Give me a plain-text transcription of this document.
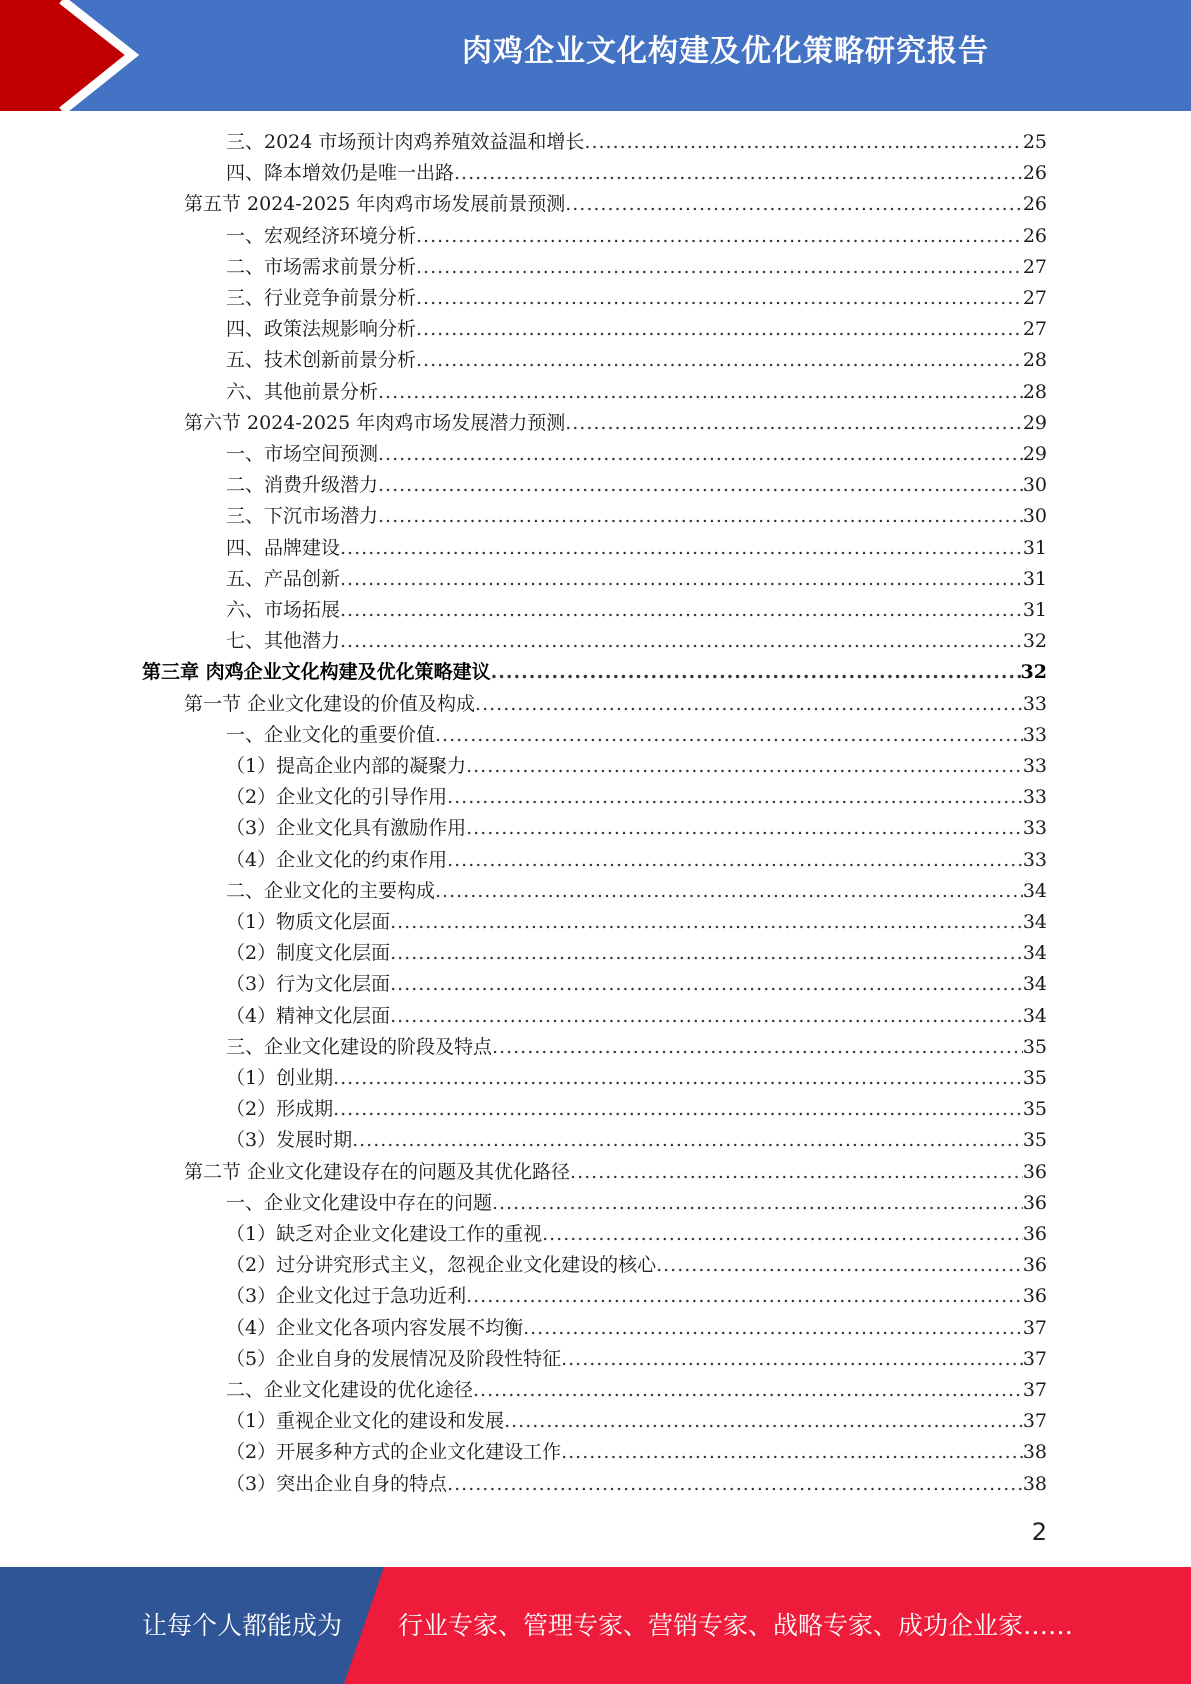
肉鸡企业文化构建及优化策略研究报告
三、2024 市场预计肉鸡养殖效益温和增长 .....	25
四、降本增效仍是唯一出路 .....	26
第五节 2024-2025 年肉鸡市场发展前景预测 .....	26
一、宏观经济环境分析 .....	26
二、市场需求前景分析 .....	27
三、行业竞争前景分析 .....	27
四、政策法规影响分析 .....	27
五、技术创新前景分析 .....	28
六、其他前景分析 .....	28
第六节 2024-2025 年肉鸡市场发展潜力预测 .....	29
一、市场空间预测 .....	29
二、消费升级潜力 .....	30
三、下沉市场潜力 .....	30
四、品牌建设 .....	31
五、产品创新 .....	31
六、市场拓展 .....	31
七、其他潜力 .....	32
第三章 肉鸡企业文化构建及优化策略建议 .....	32
第一节 企业文化建设的价值及构成 .....	33
一、企业文化的重要价值 .....	33
（1）提高企业内部的凝聚力 .....	33
（2）企业文化的引导作用 .....	33
（3）企业文化具有激励作用 .....	33
（4）企业文化的约束作用 .....	33
二、企业文化的主要构成 .....	34
（1）物质文化层面 .....	34
（2）制度文化层面 .....	34
（3）行为文化层面 .....	34
（4）精神文化层面 .....	34
三、企业文化建设的阶段及特点 .....	35
（1）创业期 .....	35
（2）形成期 .....	35
（3）发展时期 .....	35
第二节 企业文化建设存在的问题及其优化路径 .....	36
一、企业文化建设中存在的问题 .....	36
（1）缺乏对企业文化建设工作的重视 .....	36
（2）过分讲究形式主义，忽视企业文化建设的核心 .....	36
（3）企业文化过于急功近利 .....	36
（4）企业文化各项内容发展不均衡 .....	37
（5）企业自身的发展情况及阶段性特征 .....	37
二、企业文化建设的优化途径 .....	37
（1）重视企业文化的建设和发展 .....	37
（2）开展多种方式的企业文化建设工作 .....	38
（3）突出企业自身的特点 .....	38
2
让每个人都能成为 行业专家、管理专家、营销专家、战略专家、成功企业家……
